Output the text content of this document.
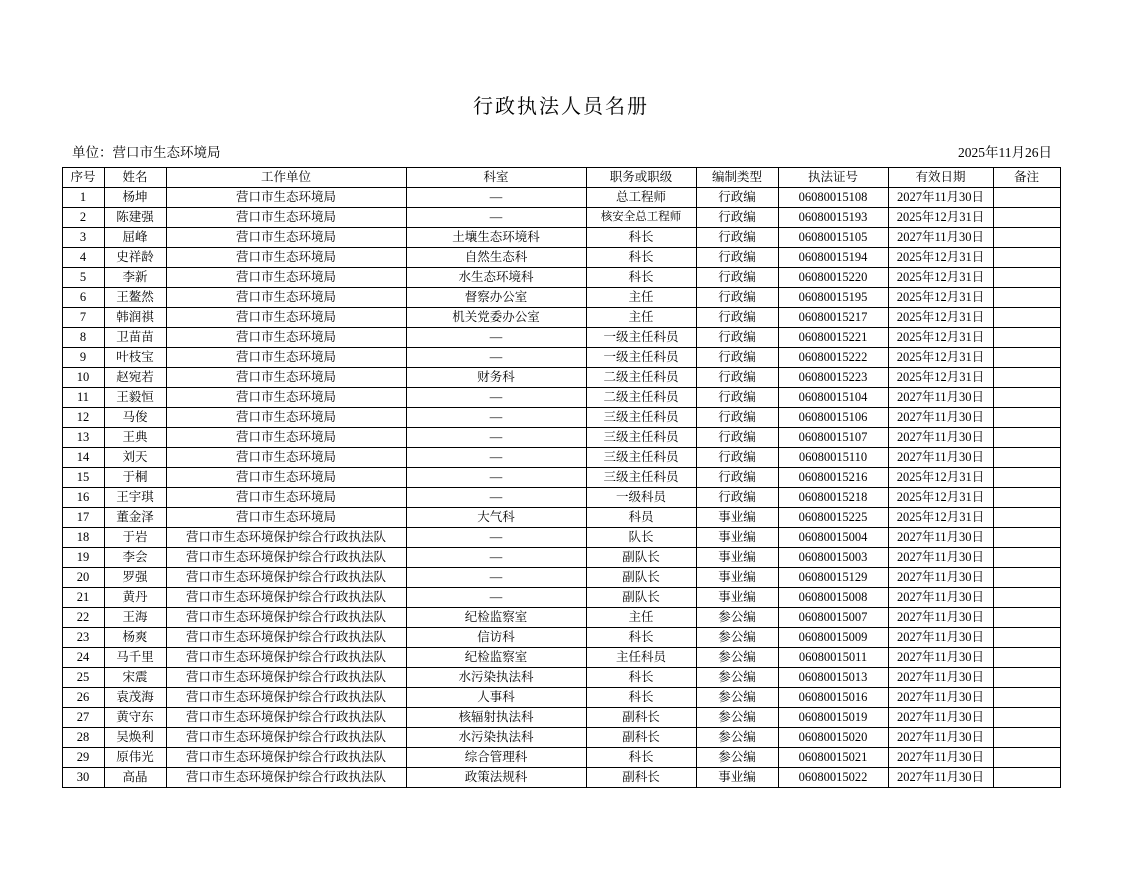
行政执法人员名册
单位：营口市生态环境局	2025年11月26日
序号	姓名	工作单位	科室	职务或职级	编制类型	执法证号	有效日期	备注
1	杨坤	营口市生态环境局	—	总工程师	行政编	06080015108	2027年11月30日	
2	陈建强	营口市生态环境局	—	核安全总工程师	行政编	06080015193	2025年12月31日	
3	屈峰	营口市生态环境局	土壤生态环境科	科长	行政编	06080015105	2027年11月30日	
4	史祥龄	营口市生态环境局	自然生态科	科长	行政编	06080015194	2025年12月31日	
5	李新	营口市生态环境局	水生态环境科	科长	行政编	06080015220	2025年12月31日	
6	王鳌然	营口市生态环境局	督察办公室	主任	行政编	06080015195	2025年12月31日	
7	韩润祺	营口市生态环境局	机关党委办公室	主任	行政编	06080015217	2025年12月31日	
8	卫苗苗	营口市生态环境局	—	一级主任科员	行政编	06080015221	2025年12月31日	
9	叶枝宝	营口市生态环境局	—	一级主任科员	行政编	06080015222	2025年12月31日	
10	赵宛若	营口市生态环境局	财务科	二级主任科员	行政编	06080015223	2025年12月31日	
11	王毅恒	营口市生态环境局	—	二级主任科员	行政编	06080015104	2027年11月30日	
12	马俊	营口市生态环境局	—	三级主任科员	行政编	06080015106	2027年11月30日	
13	王典	营口市生态环境局	—	三级主任科员	行政编	06080015107	2027年11月30日	
14	刘天	营口市生态环境局	—	三级主任科员	行政编	06080015110	2027年11月30日	
15	于桐	营口市生态环境局	—	三级主任科员	行政编	06080015216	2025年12月31日	
16	王宇琪	营口市生态环境局	—	一级科员	行政编	06080015218	2025年12月31日	
17	董金泽	营口市生态环境局	大气科	科员	事业编	06080015225	2025年12月31日	
18	于岩	营口市生态环境保护综合行政执法队	—	队长	事业编	06080015004	2027年11月30日	
19	李会	营口市生态环境保护综合行政执法队	—	副队长	事业编	06080015003	2027年11月30日	
20	罗强	营口市生态环境保护综合行政执法队	—	副队长	事业编	06080015129	2027年11月30日	
21	黄丹	营口市生态环境保护综合行政执法队	—	副队长	事业编	06080015008	2027年11月30日	
22	王海	营口市生态环境保护综合行政执法队	纪检监察室	主任	参公编	06080015007	2027年11月30日	
23	杨爽	营口市生态环境保护综合行政执法队	信访科	科长	参公编	06080015009	2027年11月30日	
24	马千里	营口市生态环境保护综合行政执法队	纪检监察室	主任科员	参公编	06080015011	2027年11月30日	
25	宋震	营口市生态环境保护综合行政执法队	水污染执法科	科长	参公编	06080015013	2027年11月30日	
26	袁茂海	营口市生态环境保护综合行政执法队	人事科	科长	参公编	06080015016	2027年11月30日	
27	黄守东	营口市生态环境保护综合行政执法队	核辐射执法科	副科长	参公编	06080015019	2027年11月30日	
28	吴焕利	营口市生态环境保护综合行政执法队	水污染执法科	副科长	参公编	06080015020	2027年11月30日	
29	原伟光	营口市生态环境保护综合行政执法队	综合管理科	科长	参公编	06080015021	2027年11月30日	
30	高晶	营口市生态环境保护综合行政执法队	政策法规科	副科长	事业编	06080015022	2027年11月30日	
